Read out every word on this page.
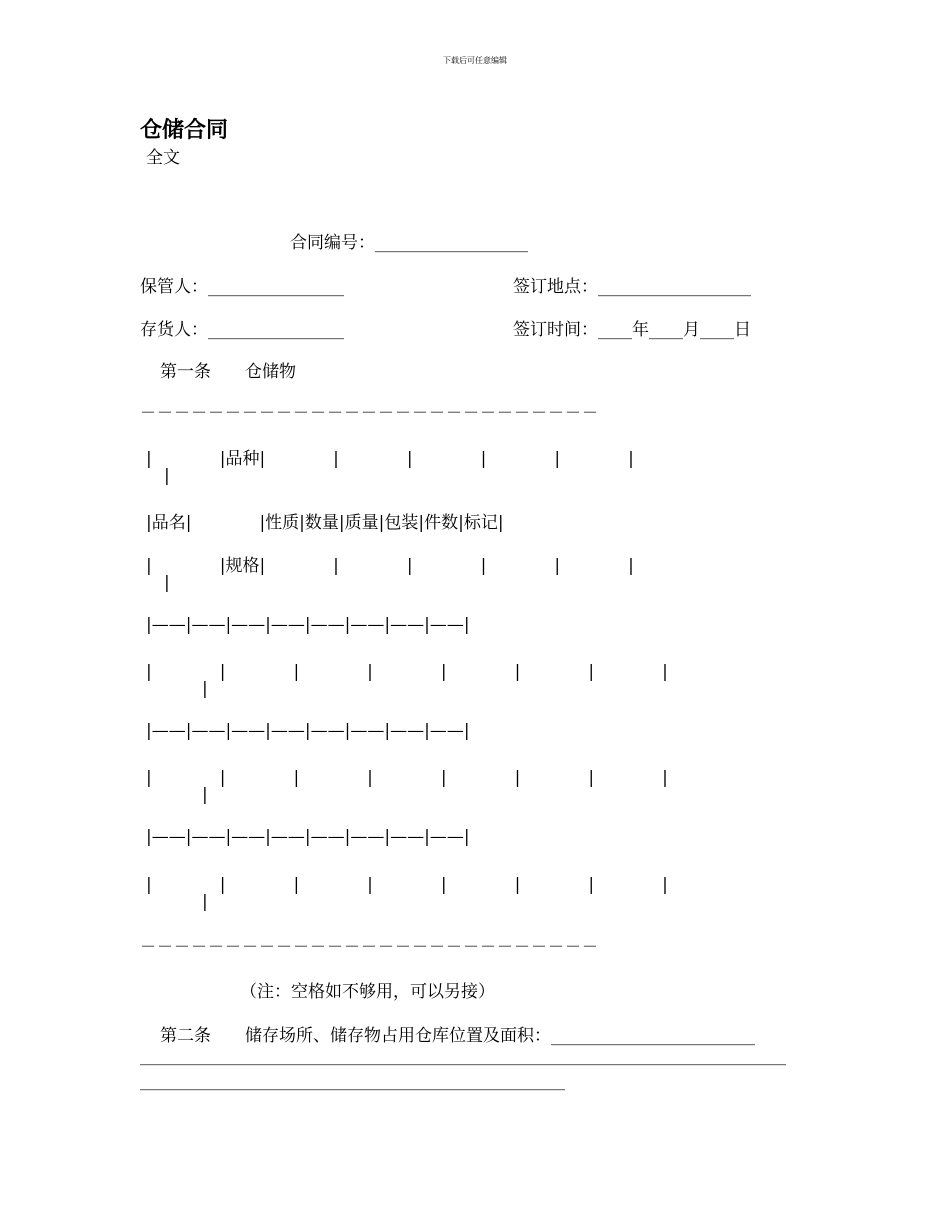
下载后可任意编辑
仓储合同
全文
合同编号：__________________
保管人：________________	签订地点：__________________
存货人：________________	签订时间：____年____月____日
第一条　　仓储物
－－－－－－－－－－－－－－－－－－－－－－－－－－－
|　　　　|品种|　　　　|　　　　|　　　　|　　　　|　　　　|
|
|品名|　　　　|性质|数量|质量|包装|件数|标记|
|　　　　|规格|　　　　|　　　　|　　　　|　　　　|　　　　|
|
|——|——|——|——|——|——|——|——|
|　　　　|　　　　|　　　　|　　　　|　　　　|　　　　|　　　　|
|
|——|——|——|——|——|——|——|——|
|　　　　|　　　　|　　　　|　　　　|　　　　|　　　　|　　　　|
|
|——|——|——|——|——|——|——|——|
|　　　　|　　　　|　　　　|　　　　|　　　　|　　　　|　　　　|
|
－－－－－－－－－－－－－－－－－－－－－－－－－－－
（注：空格如不够用，可以另接）
第二条　　储存场所、储存物占用仓库位置及面积：________________________
____________________________________________________________________________
__________________________________________________
